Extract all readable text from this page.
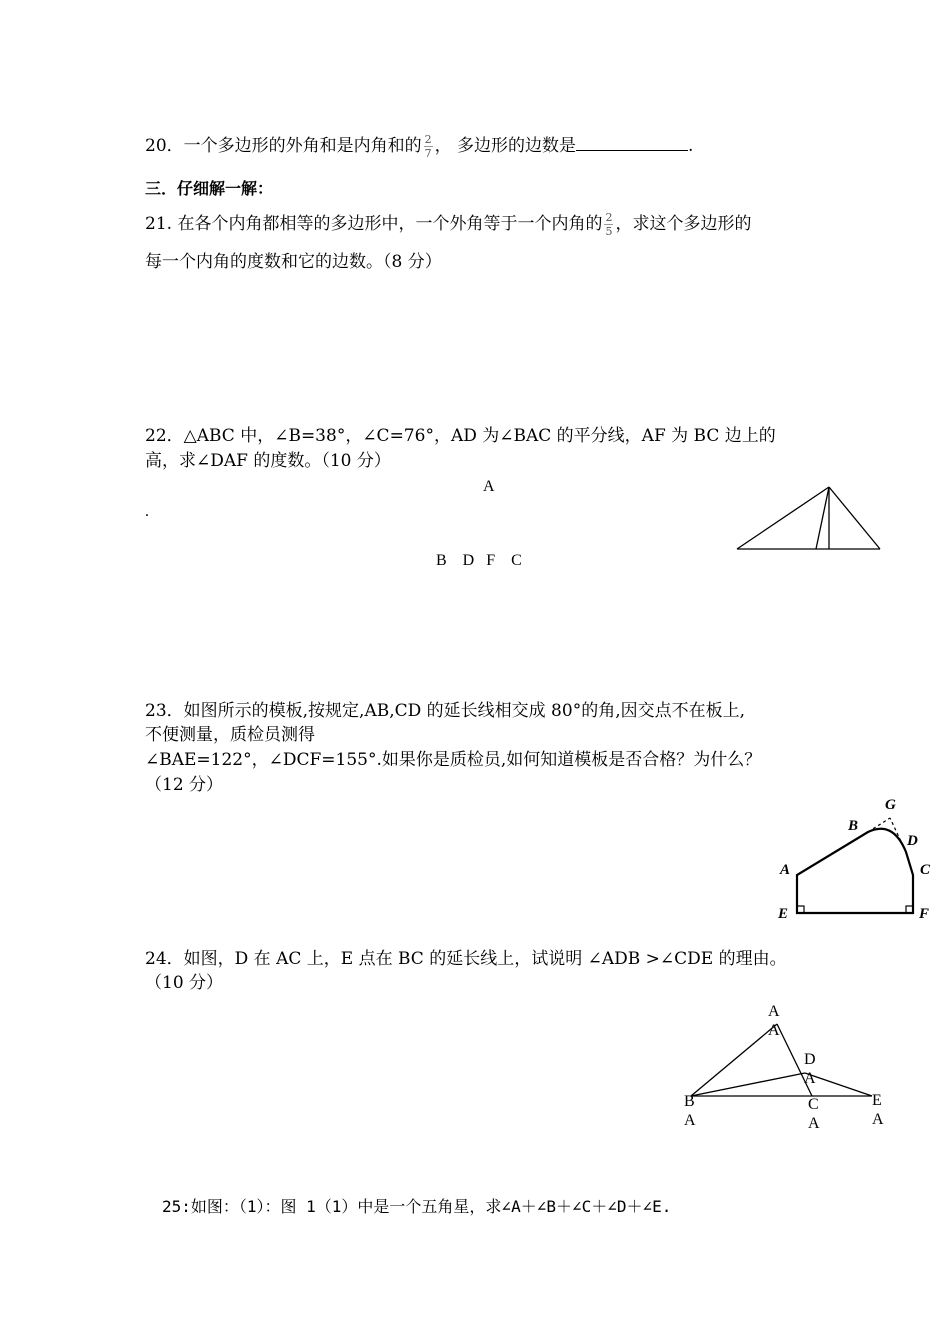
20．一个多边形的外角和是内角和的 $\frac{2}{7}$ ， 多边形的边数是	.
三．仔细解一解：
21. 在各个内角都相等的多边形中，一个外角等于一个内角的 $\frac{2}{5}$ ，求这个多边形的
每一个内角的度数和它的边数。（8 分）
22．△ABC 中，∠B=38°，∠C=76°，AD 为∠BAC 的平分线，AF 为 BC 边上的
高，求∠DAF 的度数。（10 分）
A
.
B    D   F    C
23．如图所示的模板,按规定,AB,CD 的延长线相交成 80°的角,因交点不在板上,
不便测量，质检员测得
∠BAE=122°，∠DCF=155°.如果你是质检员,如何知道模板是否合格？为什么？
（12 分）
G
B
D
A	C
E	F
24．如图，D 在 AC 上，E 点在 BC 的延长线上，试说明 ∠ADB >∠CDE 的理由。
（10 分）
A
A
D
A
B
A
C
A
E
A
25:如图：（1）：图 1（1）中是一个五角星，求∠A＋∠B＋∠C＋∠D＋∠E.
